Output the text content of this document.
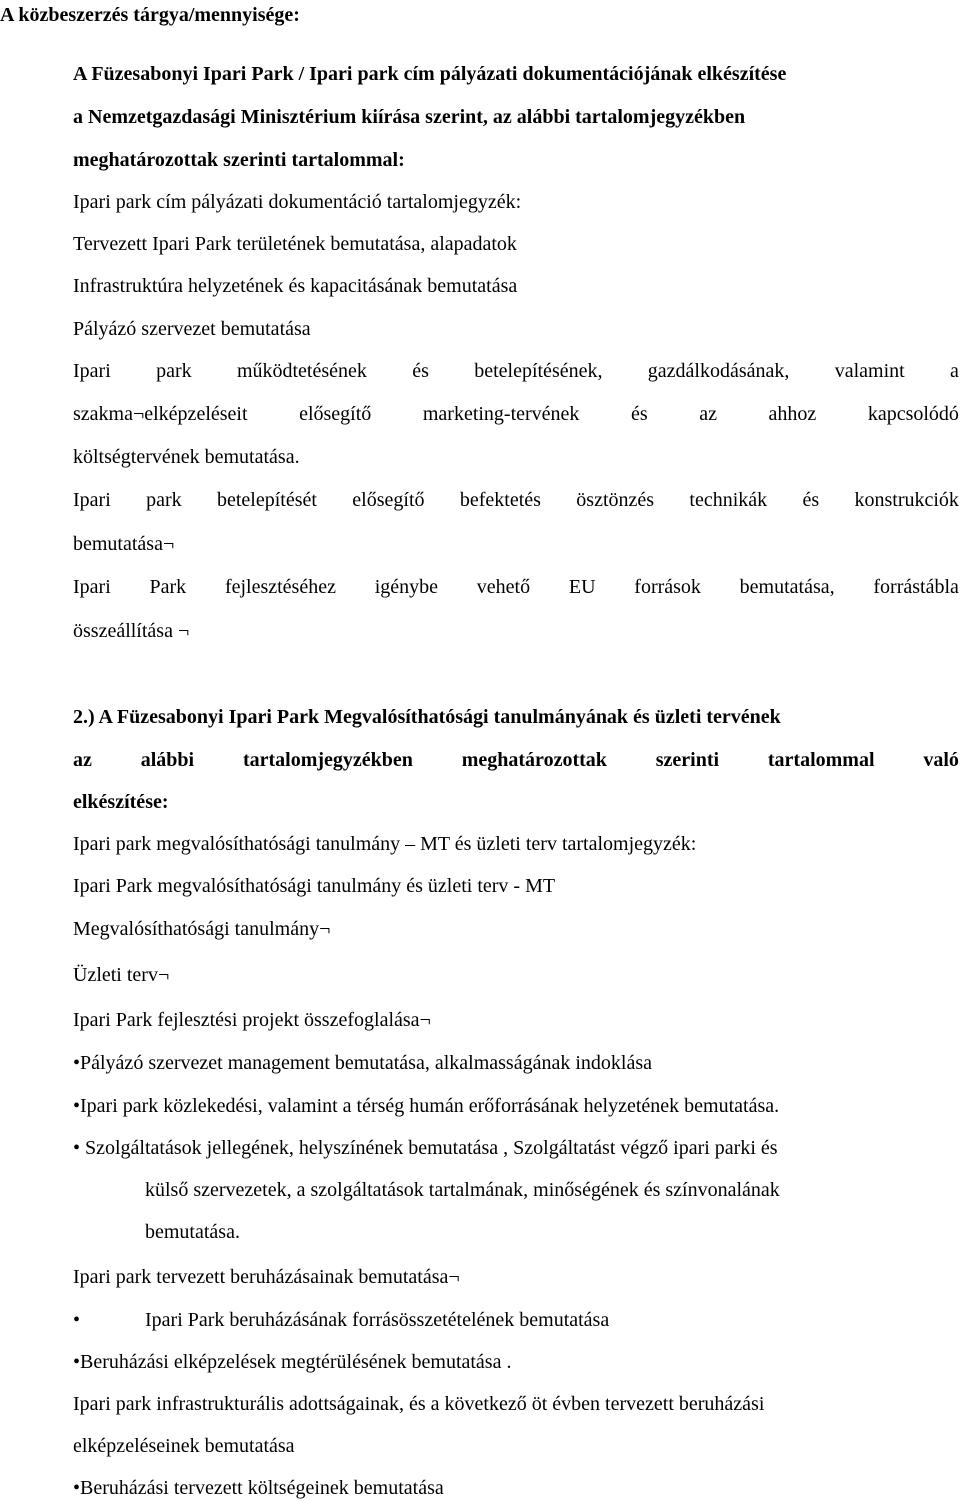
A közbeszerzés tárgya/mennyisége:
A Füzesabonyi Ipari Park / Ipari park cím pályázati dokumentációjának elkészítése
a Nemzetgazdasági Minisztérium kiírása szerint, az alábbi tartalomjegyzékben
meghatározottak szerinti tartalommal:
Ipari park cím pályázati dokumentáció tartalomjegyzék:
Tervezett Ipari Park területének bemutatása, alapadatok
Infrastruktúra helyzetének és kapacitásának bemutatása
Pályázó szervezet bemutatása
Ipari park működtetésének és betelepítésének, gazdálkodásának, valamint a
szakma¬elképzeléseit	elősegítő	marketing-tervének	és	az	ahhoz	kapcsolódó
költségtervének bemutatása.
Ipari park betelepítését elősegítő befektetés ösztönzés technikák és konstrukciók
bemutatása¬
Ipari Park fejlesztéséhez igénybe vehető EU források bemutatása, forrástábla
összeállítása ¬
2.) A Füzesabonyi Ipari Park Megvalósíthatósági tanulmányának és üzleti tervének
az alábbi tartalomjegyzékben meghatározottak szerinti tartalommal való
elkészítése:
Ipari park megvalósíthatósági tanulmány – MT és üzleti terv tartalomjegyzék:
Ipari Park megvalósíthatósági tanulmány és üzleti terv - MT
Megvalósíthatósági tanulmány¬
Üzleti terv¬
Ipari Park fejlesztési projekt összefoglalása¬
•Pályázó szervezet management bemutatása, alkalmasságának indoklása
•Ipari park közlekedési, valamint a térség humán erőforrásának helyzetének bemutatása.
• Szolgáltatások jellegének, helyszínének bemutatása , Szolgáltatást végző ipari parki és
külső szervezetek, a szolgáltatások tartalmának, minőségének és színvonalának
bemutatása.
Ipari park tervezett beruházásainak bemutatása¬
•	Ipari Park beruházásának forrásösszetételének bemutatása
•Beruházási elképzelések megtérülésének bemutatása .
Ipari park infrastrukturális adottságainak, és a következő öt évben tervezett beruházási
elképzeléseinek bemutatása
•Beruházási tervezett költségeinek bemutatása
